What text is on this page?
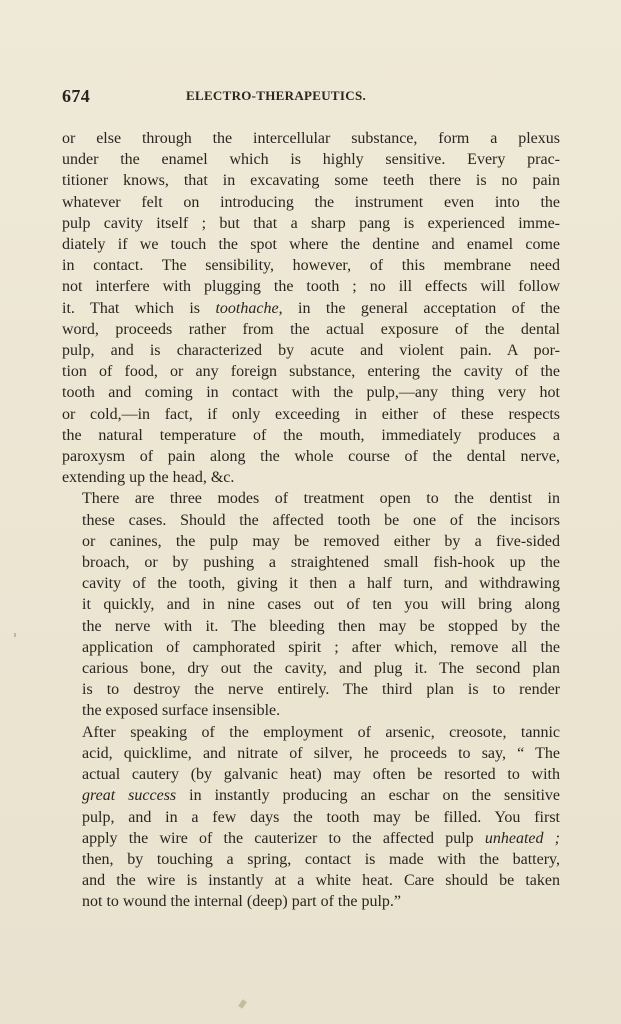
674	ELECTRO-THERAPEUTICS.

or else through the intercellular substance, form a plexus
under the enamel which is highly sensitive. Every prac-
titioner knows, that in excavating some teeth there is no pain
whatever felt on introducing the instrument even into the
pulp cavity itself ; but that a sharp pang is experienced imme-
diately if we touch the spot where the dentine and enamel come
in contact. The sensibility, however, of this membrane need
not interfere with plugging the tooth ; no ill effects will follow
it. That which is toothache, in the general acceptation of the
word, proceeds rather from the actual exposure of the dental
pulp, and is characterized by acute and violent pain. A por-
tion of food, or any foreign substance, entering the cavity of the
tooth and coming in contact with the pulp,—any thing very hot
or cold,—in fact, if only exceeding in either of these respects
the natural temperature of the mouth, immediately produces a
paroxysm of pain along the whole course of the dental nerve,
extending up the head, &c.

There are three modes of treatment open to the dentist in
these cases. Should the affected tooth be one of the incisors
or canines, the pulp may be removed either by a five-sided
broach, or by pushing a straightened small fish-hook up the
cavity of the tooth, giving it then a half turn, and withdrawing
it quickly, and in nine cases out of ten you will bring along
the nerve with it. The bleeding then may be stopped by the
application of camphorated spirit ; after which, remove all the
carious bone, dry out the cavity, and plug it. The second plan
is to destroy the nerve entirely. The third plan is to render
the exposed surface insensible.

After speaking of the employment of arsenic, creosote, tannic
acid, quicklime, and nitrate of silver, he proceeds to say, “ The
actual cautery (by galvanic heat) may often be resorted to with
great success in instantly producing an eschar on the sensitive
pulp, and in a few days the tooth may be filled. You first
apply the wire of the cauterizer to the affected pulp unheated ;
then, by touching a spring, contact is made with the battery,
and the wire is instantly at a white heat. Care should be taken
not to wound the internal (deep) part of the pulp.”
